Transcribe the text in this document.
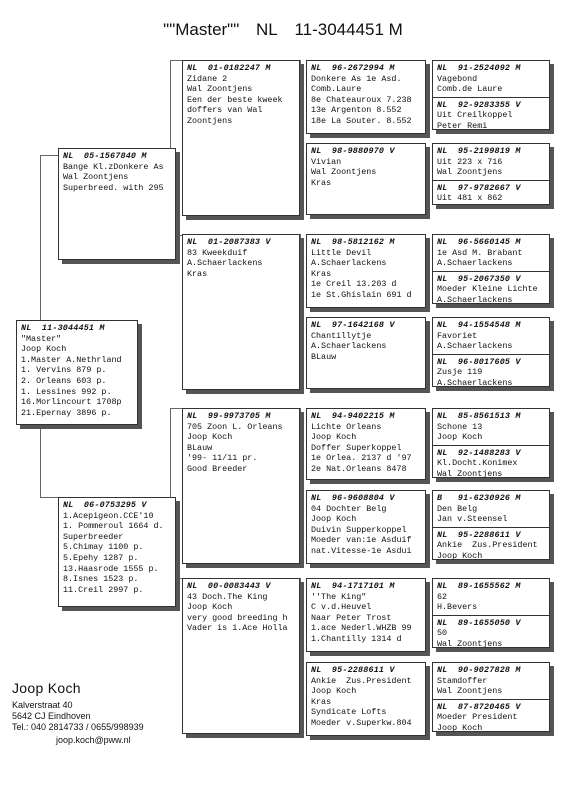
""Master"" NL 11-3044451 M
NL  11-3044451 M
"Master"
Joop Koch
1.Master A.Nethrland
1. Vervins 879 p.
2. Orleans 603 p.
1. Lessines 992 p.
16.Morlincourt 1708p
21.Epernay 3896 p.
NL  05-1567840 M
Bange Kl.zDonkere As
Wal Zoontjens
Superbreed. with 295
NL  06-0753295 V
1.Acepigeon.CCE'10
1. Pommeroul 1664 d.
Superbreeder
5.Chimay 1100 p.
5.Epehy 1287 p.
13.Haasrode 1555 p.
8.Isnes 1523 p.
11.Creil 2997 p.
NL  01-0182247 M
Zidane 2
Wal Zoontjens
Een der beste kweek
doffers van Wal
Zoontjens
NL  01-2087383 V
83 Kweekduif
A.Schaerlackens
Kras
NL  99-9973705 M
705 Zoon L. Orleans
Joop Koch
BLauw
'99- 11/11 pr.
Good Breeder
NL  00-0083443 V
43 Doch.The King
Joop Koch
very good breeding h
Vader is 1.Ace Holla
NL  96-2672994 M
Donkere As 1e Asd.
Comb.Laure
8e Chateauroux 7.238
13e Argenton 8.552
18e La Souter. 8.552
NL  98-9880970 V
Vivian
Wal Zoontjens
Kras
NL  98-5812162 M
Little Devil
A.Schaerlackens
Kras
1e Creil 13.203 d
1e St.Ghislain 691 d
NL  97-1642168 V
Chantillytje
A.Schaerlackens
BLauw
NL  94-9402215 M
Lichte Orleans
Joop Koch
Doffer Superkoppel
1e Orlea. 2137 d '97
2e Nat.Orleans 8478
NL  96-9608804 V
04 Dochter Belg
Joop Koch
Duivin Supperkoppel
Moeder van:1e Asduif
nat.Vitesse-1e Asdui
NL  94-1717101 M
''The King"
C v.d.Heuvel
Naar Peter Trost
1.ace Nederl.WHZB 99
1.Chantilly 1314 d
NL  95-2288611 V
Ankie  Zus.President
Joop Koch
Kras
Syndicate Lofts
Moeder v.Superkw.804
NL  91-2524092 M
Vagebond
Comb.de Laure
NL  92-9283355 V
Uit Creilkoppel
Peter Remi
NL  95-2199819 M
Uit 223 x 716
Wal Zoontjens
NL  97-9782667 V
Uit 481 x 862
NL  96-5660145 M
1e Asd M. Brabant
A.Schaerlackens
NL  95-2067350 V
Moeder Kleine Lichte
A.Schaerlackens
NL  94-1554548 M
Favoriet
A.Schaerlackens
NL  96-8017605 V
Zusje 119
A.Schaerlackens
NL  85-8561513 M
Schone 13
Joop Koch
NL  92-1488283 V
Kl.Docht.Konimex
Wal Zoontjens
B   91-6230926 M
Den Belg
Jan v.Steensel
NL  95-2288611 V
Ankie  Zus.President
Joop Koch
NL  89-1655562 M
62
H.Bevers
NL  89-1655050 V
50
Wal Zoontjens
NL  90-9027828 M
Stamdoffer
Wal Zoontjens
NL  87-8720465 V
Moeder President
Joop Koch
Joop Koch
Kalverstraat 40
5642 CJ Eindhoven
Tel.: 040 2814733 / 0655/998939
joop.koch@pww.nl
